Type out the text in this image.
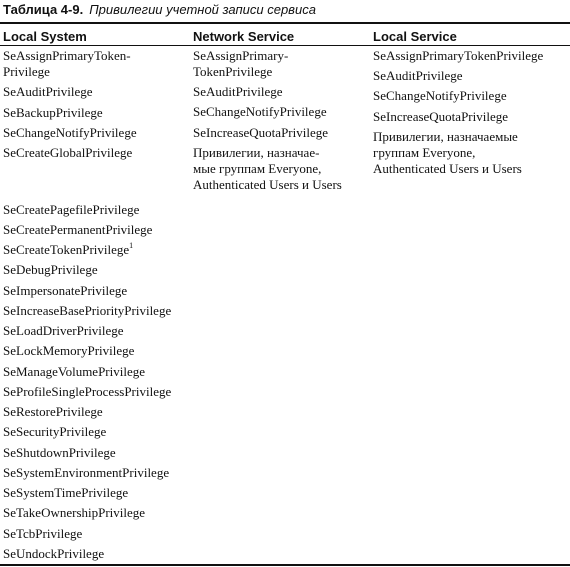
Таблица 4-9. Привилегии учетной записи сервиса
Local System	Network Service	Local Service
SeAssignPrimaryToken-
Privilege
SeAuditPrivilege
SeBackupPrivilege
SeChangeNotifyPrivilege
SeCreateGlobalPrivilege
SeCreatePagefilePrivilege
SeCreatePermanentPrivilege
SeCreateTokenPrivilege$^1$
SeDebugPrivilege
SeImpersonatePrivilege
SeIncreaseBasePriorityPrivilege
SeLoadDriverPrivilege
SeLockMemoryPrivilege
SeManageVolumePrivilege
SeProfileSingleProcessPrivilege
SeRestorePrivilege
SeSecurityPrivilege
SeShutdownPrivilege
SeSystemEnvironmentPrivilege
SeSystemTimePrivilege
SeTakeOwnershipPrivilege
SeTcbPrivilege
SeUndockPrivilege
SeAssignPrimary-
TokenPrivilege
SeAuditPrivilege
SeChangeNotifyPrivilege
SeIncreaseQuotaPrivilege
Привилегии, назначае-
мые группам Everyone,
Authenticated Users и Users
SeAssignPrimaryTokenPrivilege

SeAuditPrivilege
SeChangeNotifyPrivilege
SeIncreaseQuotaPrivilege
Привилегии, назначаемые
группам Everyone,
Authenticated Users и Users
